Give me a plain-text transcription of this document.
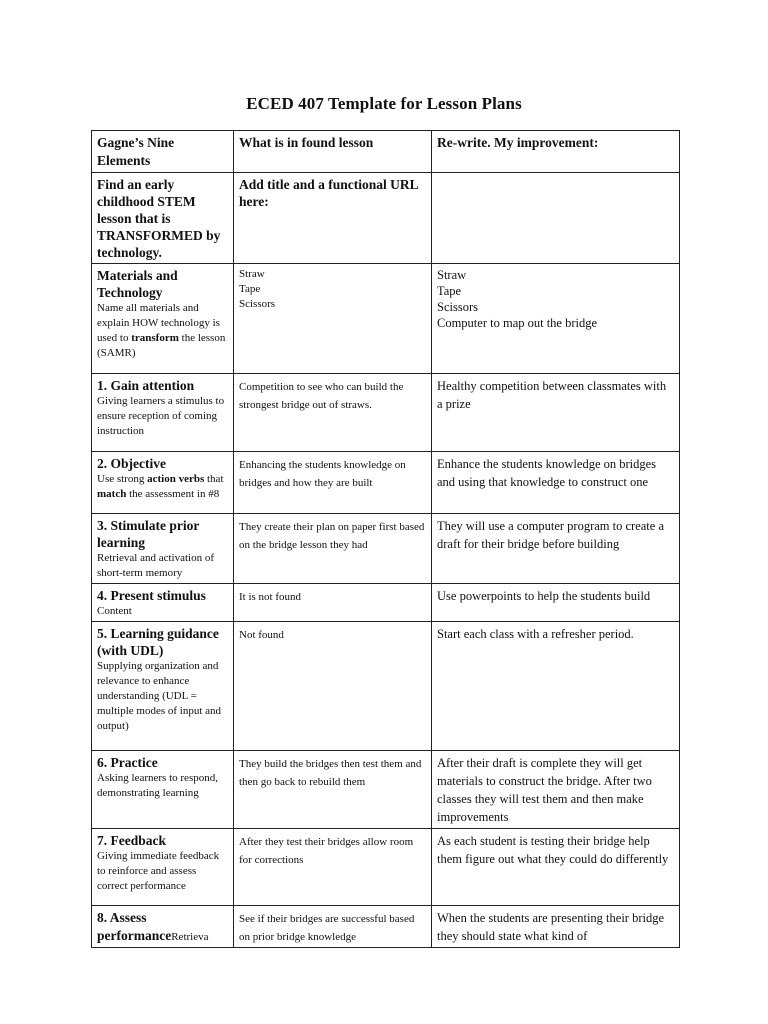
ECED 407 Template for Lesson Plans
Gagne’s Nine Elements	What is in found lesson	Re-write. My improvement:

Find an early childhood STEM lesson that is TRANSFORMED by technology.	Add title and a functional URL here:	

Materials and Technology
Name all materials and explain HOW technology is used to transform the lesson (SAMR)	Straw
Tape
Scissors	Straw
Tape
Scissors
Computer to map out the bridge

1. Gain attention
Giving learners a stimulus to ensure reception of coming instruction	Competition to see who can build the strongest bridge out of straws.	Healthy competition between classmates with a prize

2. Objective
Use strong action verbs that match the assessment in #8	Enhancing the students knowledge on bridges and how they are built	Enhance the students knowledge on bridges and using that knowledge to construct one

3. Stimulate prior learning
Retrieval and activation of short-term memory	They create their plan on paper first based on the bridge lesson they had	They will use a computer program to create a draft for their bridge before building

4. Present stimulus
Content	It is not found	Use powerpoints to help the students build

5. Learning guidance (with UDL)
Supplying organization and relevance to enhance understanding (UDL = multiple modes of input and output)	Not found	Start each class with a refresher period.

6. Practice
Asking learners to respond, demonstrating learning	They build the bridges then test them and then go back to rebuild them	After their draft is complete they will get materials to construct the bridge. After two classes they will test them and then make improvements

7. Feedback
Giving immediate feedback to reinforce and assess correct performance	After they test their bridges allow room for corrections	As each student is testing their bridge help them figure out what they could do differently
8. Assess performanceRetrieva	See if their bridges are successful based on prior bridge knowledge	When the students are presenting their bridge they should state what kind of
